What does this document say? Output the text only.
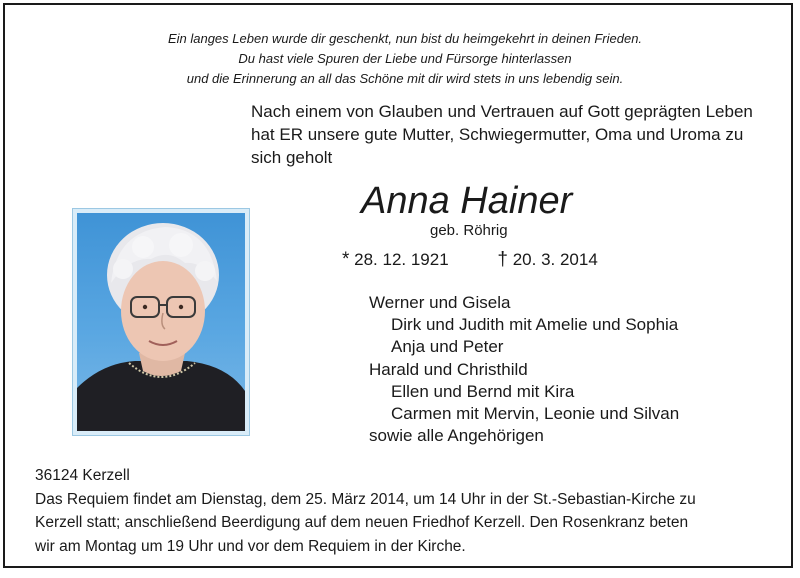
Ein langes Leben wurde dir geschenkt, nun bist du heimgekehrt in deinen Frieden.
Du hast viele Spuren der Liebe und Fürsorge hinterlassen
und die Erinnerung an all das Schöne mit dir wird stets in uns lebendig sein.
Nach einem von Glauben und Vertrauen auf Gott geprägten Leben
hat ER unsere gute Mutter, Schwiegermutter, Oma und Uroma zu
sich geholt
Anna Hainer
geb. Röhrig
* 28. 12. 1921	† 20. 3. 2014
Werner und Gisela
Dirk und Judith mit Amelie und Sophia
Anja und Peter
Harald und Christhild
Ellen und Bernd mit Kira
Carmen mit Mervin, Leonie und Silvan
sowie alle Angehörigen
36124 Kerzell
Das Requiem findet am Dienstag, dem 25. März 2014, um 14 Uhr in der St.-Sebastian-Kirche zu
Kerzell statt; anschließend Beerdigung auf dem neuen Friedhof Kerzell. Den Rosenkranz beten
wir am Montag um 19 Uhr und vor dem Requiem in der Kirche.
